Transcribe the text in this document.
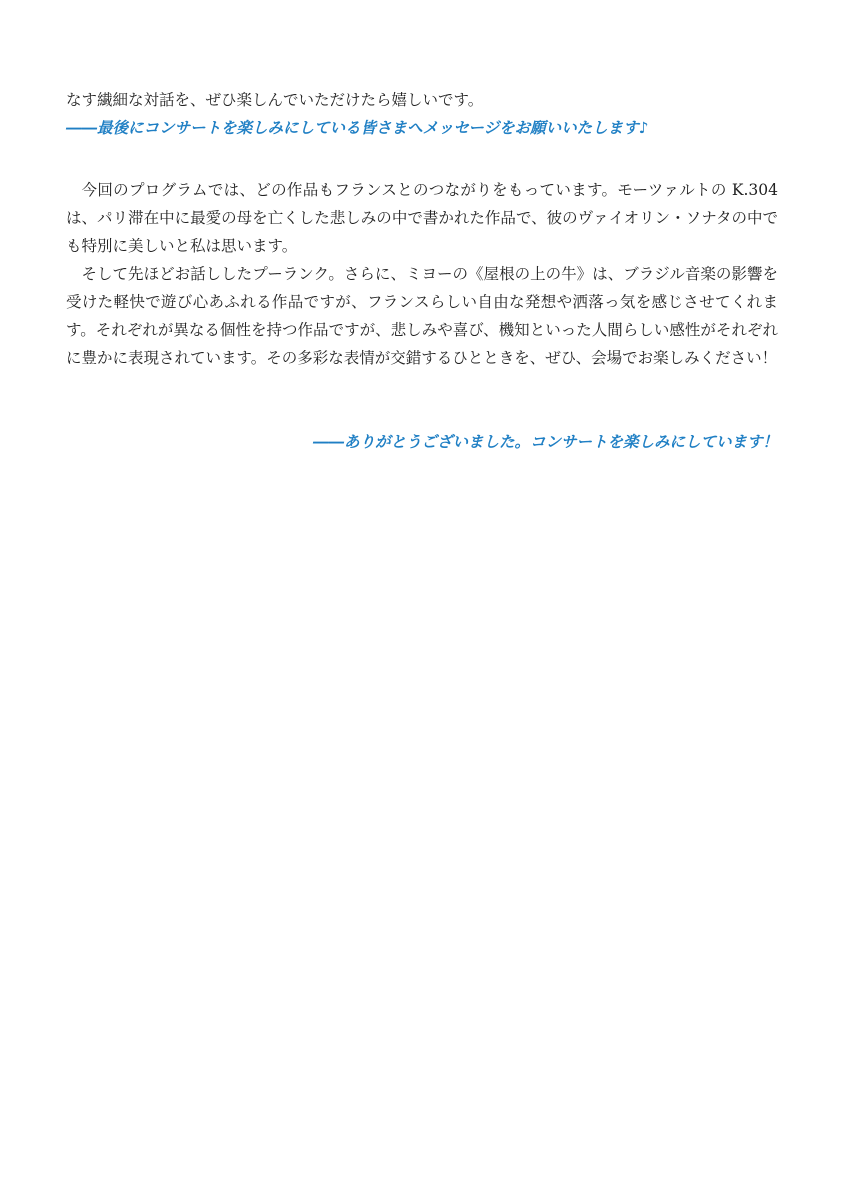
なす繊細な対話を、ぜひ楽しんでいただけたら嬉しいです。

――最後にコンサートを楽しみにしている皆さまへメッセージをお願いいたします♪

今回のプログラムでは、どの作品もフランスとのつながりをもっています。モーツァルトの K.304 は、パリ滞在中に最愛の母を亡くした悲しみの中で書かれた作品で、彼のヴァイオリン・ソナタの中でも特別に美しいと私は思います。

そして先ほどお話ししたプーランク。さらに、ミヨーの《屋根の上の牛》は、ブラジル音楽の影響を受けた軽快で遊び心あふれる作品ですが、フランスらしい自由な発想や洒落っ気を感じさせてくれます。それぞれが異なる個性を持つ作品ですが、悲しみや喜び、機知といった人間らしい感性がそれぞれに豊かに表現されています。その多彩な表情が交錯するひとときを、ぜひ、会場でお楽しみください！

――ありがとうございました。コンサートを楽しみにしています！
